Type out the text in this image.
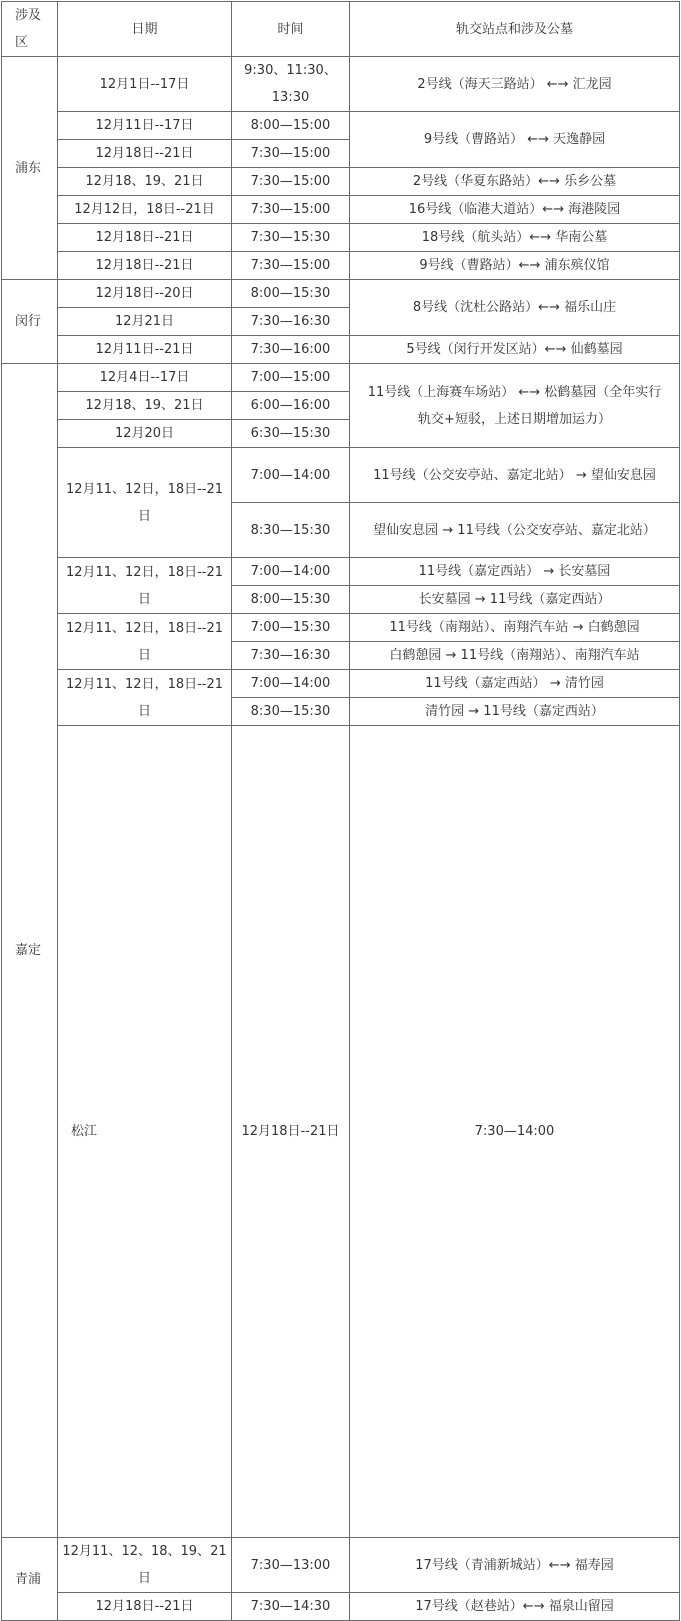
涉及区	日期	时间	轨交站点和涉及公墓	
浦东	12月1日--17日	9:30、11:30、13:30	2号线（海天三路站） ←→ 汇龙园	
	12月11日--17日	8:00—15:00	9号线（曹路站） ←→ 天逸静园	
	12月18日--21日	7:30—15:00		
	12月18、19、21日	7:30—15:00	2号线（华夏东路站）←→ 乐乡公墓	
	12月12日，18日--21日	7:30—15:00	16号线（临港大道站）←→ 海港陵园	
	12月18日--21日	7:30—15:30	18号线（航头站）←→ 华南公墓	
	12月18日--21日	7:30—15:00	9号线（曹路站）←→ 浦东殡仪馆	
闵行	12月18日--20日	8:00—15:30	8号线（沈杜公路站）←→ 福乐山庄	
	12月21日	7:30—16:30		
	12月11日--21日	7:30—16:00	5号线（闵行开发区站）←→ 仙鹤墓园	
嘉定	12月4日--17日	7:00—15:00	11号线（上海赛车场站） ←→ 松鹤墓园（全年实行轨交+短驳，上述日期增加运力）	
	12月18、19、21日	6:00—16:00		
	12月20日	6:30—15:30		
	12月11、12日，18日--21日	7:00—14:00	11号线（公交安亭站、嘉定北站） → 望仙安息园	
		8:30—15:30	望仙安息园 → 11号线（公交安亭站、嘉定北站）	
	12月11、12日，18日--21日	7:00—14:00	11号线（嘉定西站） → 长安墓园	
		8:00—15:30	长安墓园 → 11号线（嘉定西站）	
	12月11、12日，18日--21日	7:00—15:30	11号线（南翔站）、南翔汽车站 → 白鹤憩园	
		7:30—16:30	白鹤憩园 → 11号线（南翔站）、南翔汽车站	
	12月11、12日，18日--21日	7:00—14:00	11号线（嘉定西站） → 清竹园	
		8:30—15:30	清竹园 → 11号线（嘉定西站）	
	松江	12月18日--21日	7:30—14:00	

青浦	12月11、12、18、19、21日	7:30—13:00	17号线（青浦新城站）←→ 福寿园	
	12月18日--21日	7:30—14:30	17号线（赵巷站）←→ 福泉山留园	
